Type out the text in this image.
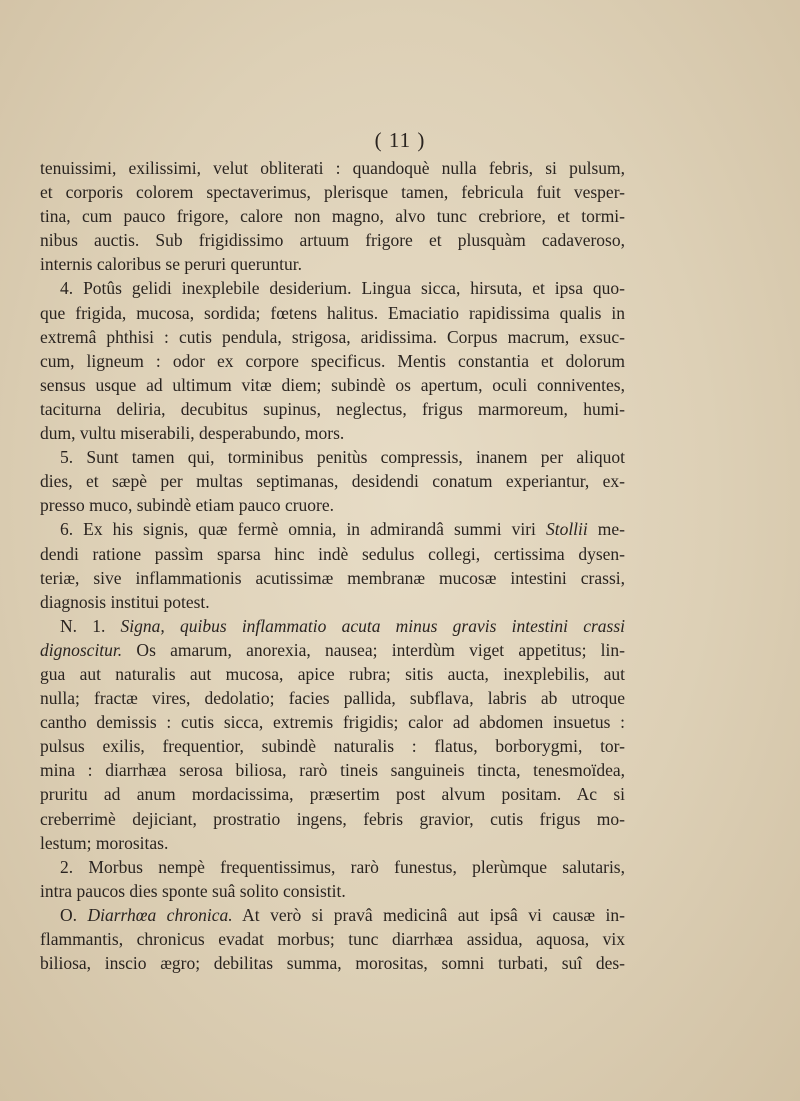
( 11 )
tenuissimi, exilissimi, velut obliterati : quandoquè nulla febris, si pulsum,
et corporis colorem spectaverimus, plerisque tamen, febricula fuit vesper-
tina, cum pauco frigore, calore non magno, alvo tunc crebriore, et tormi-
nibus auctis. Sub frigidissimo artuum frigore et plusquàm cadaveroso,
internis caloribus se peruri queruntur.
4. Potûs gelidi inexplebile desiderium. Lingua sicca, hirsuta, et ipsa quo-
que frigida, mucosa, sordida; fœtens halitus. Emaciatio rapidissima qualis in
extremâ phthisi : cutis pendula, strigosa, aridissima. Corpus macrum, exsuc-
cum, ligneum : odor ex corpore specificus. Mentis constantia et dolorum
sensus usque ad ultimum vitæ diem; subindè os apertum, oculi conniventes,
taciturna deliria, decubitus supinus, neglectus, frigus marmoreum, humi-
dum, vultu miserabili, desperabundo, mors.
5. Sunt tamen qui, torminibus penitùs compressis, inanem per aliquot
dies, et sæpè per multas septimanas, desidendi conatum experiantur, ex-
presso muco, subindè etiam pauco cruore.
6. Ex his signis, quæ fermè omnia, in admirandâ summi viri Stollii me-
dendi ratione passìm sparsa hinc indè sedulus collegi, certissima dysen-
teriæ, sive inflammationis acutissimæ membranæ mucosæ intestini crassi,
diagnosis institui potest.
N. 1. Signa, quibus inflammatio acuta minus gravis intestini crassi
dignoscitur. Os amarum, anorexia, nausea; interdùm viget appetitus; lin-
gua aut naturalis aut mucosa, apice rubra; sitis aucta, inexplebilis, aut
nulla; fractæ vires, dedolatio; facies pallida, subflava, labris ab utroque
cantho demissis : cutis sicca, extremis frigidis; calor ad abdomen insuetus :
pulsus exilis, frequentior, subindè naturalis : flatus, borborygmi, tor-
mina : diarrhæa serosa biliosa, rarò tineis sanguineis tincta, tenesmoïdea,
pruritu ad anum mordacissima, præsertim post alvum positam. Ac si
creberrimè dejiciant, prostratio ingens, febris gravior, cutis frigus mo-
lestum; morositas.
2. Morbus nempè frequentissimus, rarò funestus, plerùmque salutaris,
intra paucos dies sponte suâ solito consistit.
O. Diarrhœa chronica. At verò si pravâ medicinâ aut ipsâ vi causæ in-
flammantis, chronicus evadat morbus; tunc diarrhæa assidua, aquosa, vix
biliosa, inscio ægro; debilitas summa, morositas, somni turbati, suî des-
